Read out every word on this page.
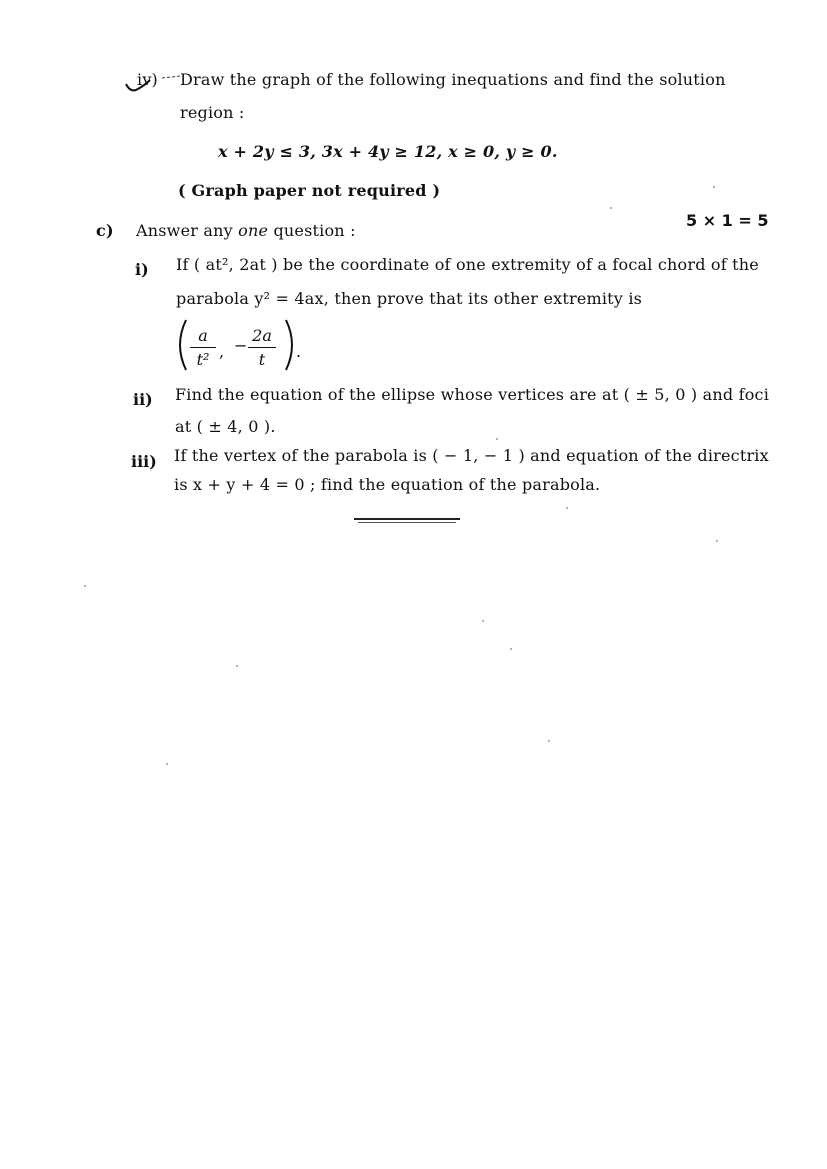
iv) Draw the graph of the following inequations and find the solution
region :
x + 2y ≤ 3, 3x + 4y ≥ 12, x ≥ 0, y ≥ 0.
( Graph paper not required )
c) Answer any one question :
5 × 1 = 5
i) If ( at², 2at ) be the coordinate of one extremity of a focal chord of the
parabola y² = 4ax, then prove that its other extremity is
a
t² , −
2a
t	.
ii) Find the equation of the ellipse whose vertices are at ( ± 5, 0 ) and foci
at ( ± 4, 0 ).
iii) If the vertex of the parabola is ( − 1, − 1 ) and equation of the directrix
is x + y + 4 = 0 ; find the equation of the parabola.
